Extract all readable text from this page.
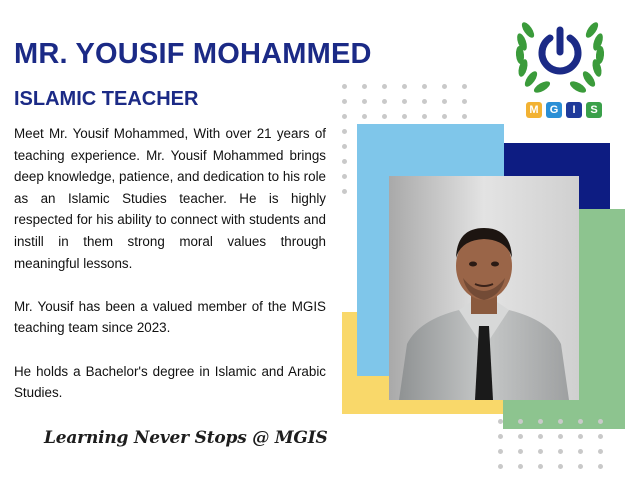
MR. YOUSIF MOHAMMED
ISLAMIC TEACHER

Meet Mr. Yousif Mohammed, With over 21 years of teaching experience. Mr. Yousif Mohammed brings deep knowledge, patience, and dedication to his role as an Islamic Studies teacher. He is highly respected for his ability to connect with students and instill in them strong moral values through meaningful lessons.

Mr. Yousif has been a valued member of the MGIS teaching team since 2023.

He holds a Bachelor's degree in Islamic and Arabic Studies.

Learning Never Stops @ MGIS
M	G	I	S
